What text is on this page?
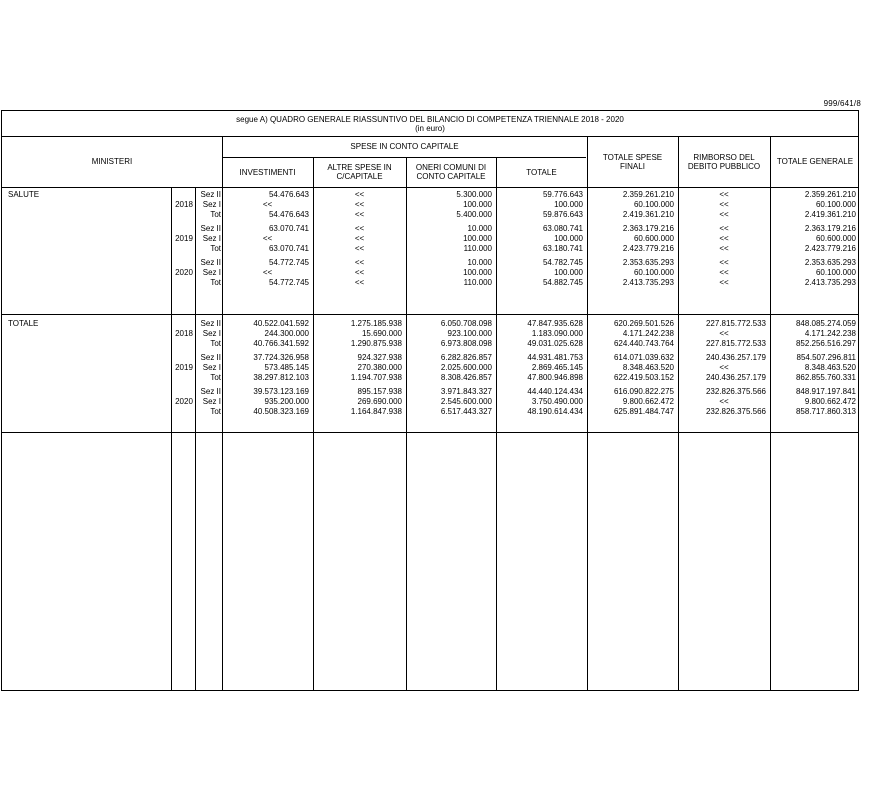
999/641/8
segue A) QUADRO GENERALE RIASSUNTIVO DEL BILANCIO DI COMPETENZA TRIENNALE 2018 - 2020
(in euro)
MINISTERI
SPESE IN CONTO CAPITALE
INVESTIMENTI	ALTRE SPESE IN C/CAPITALE
ONERI COMUNI DI CONTO CAPITALE	TOTALE
TOTALE SPESE FINALI
RIMBORSO DEL DEBITO PUBBLICO	TOTALE GENERALE
SALUTE
2018
Sez II	54.476.643	<<	5.300.000	59.776.643	2.359.261.210	<<	2.359.261.210
Sez I	<<	<<	100.000	100.000	60.100.000	<<	60.100.000
Tot	54.476.643	<<	5.400.000	59.876.643	2.419.361.210	<<	2.419.361.210
2019
Sez II	63.070.741	<<	10.000	63.080.741	2.363.179.216	<<	2.363.179.216
Sez I	<<	<<	100.000	100.000	60.600.000	<<	60.600.000
Tot	63.070.741	<<	110.000	63.180.741	2.423.779.216	<<	2.423.779.216
2020
Sez II	54.772.745	<<	10.000	54.782.745	2.353.635.293	<<	2.353.635.293
Sez I	<<	<<	100.000	100.000	60.100.000	<<	60.100.000
Tot	54.772.745	<<	110.000	54.882.745	2.413.735.293	<<	2.413.735.293
TOTALE
2018
Sez II	40.522.041.592	1.275.185.938	6.050.708.098	47.847.935.628	620.269.501.526	227.815.772.533	848.085.274.059
Sez I	244.300.000	15.690.000	923.100.000	1.183.090.000	4.171.242.238	<<	4.171.242.238
Tot	40.766.341.592	1.290.875.938	6.973.808.098	49.031.025.628	624.440.743.764	227.815.772.533	852.256.516.297
2019
Sez II	37.724.326.958	924.327.938	6.282.826.857	44.931.481.753	614.071.039.632	240.436.257.179	854.507.296.811
Sez I	573.485.145	270.380.000	2.025.600.000	2.869.465.145	8.348.463.520	<<	8.348.463.520
Tot	38.297.812.103	1.194.707.938	8.308.426.857	47.800.946.898	622.419.503.152	240.436.257.179	862.855.760.331
2020
Sez II	39.573.123.169	895.157.938	3.971.843.327	44.440.124.434	616.090.822.275	232.826.375.566	848.917.197.841
Sez I	935.200.000	269.690.000	2.545.600.000	3.750.490.000	9.800.662.472	<<	9.800.662.472
Tot	40.508.323.169	1.164.847.938	6.517.443.327	48.190.614.434	625.891.484.747	232.826.375.566	858.717.860.313
